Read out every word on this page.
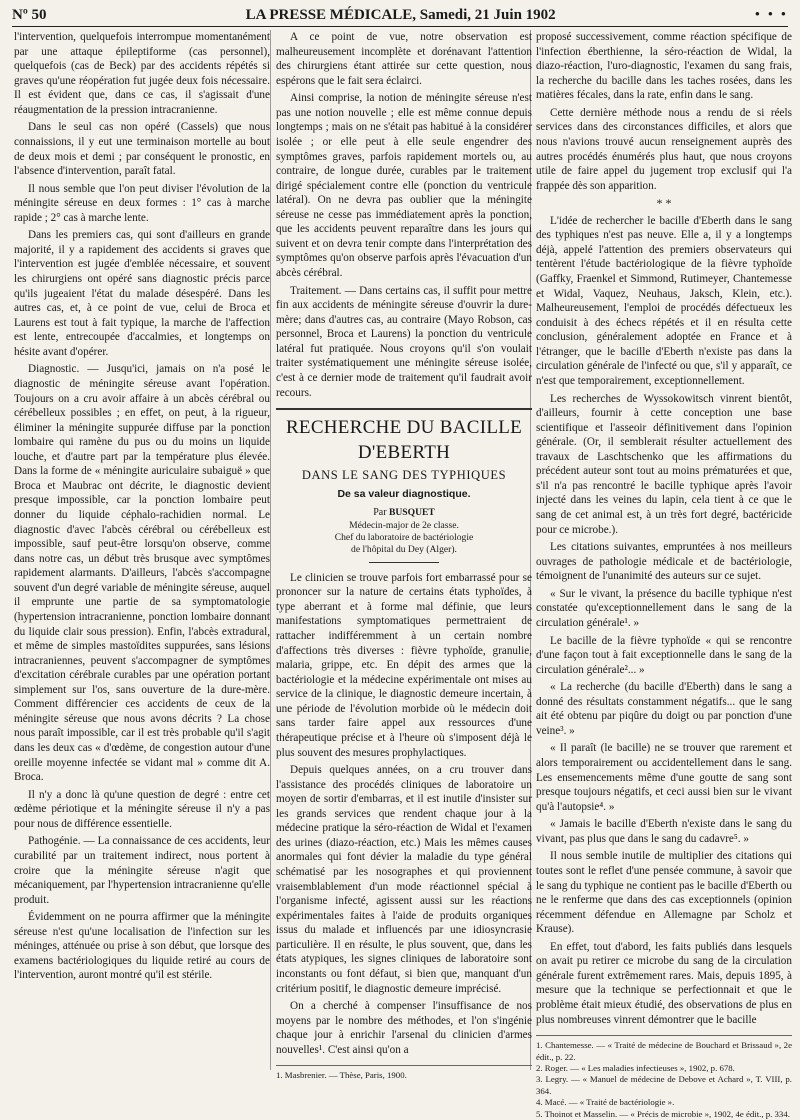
Nº 50	LA PRESSE MÉDICALE, Samedi, 21 Juin 1902	• • •

l'intervention, quelquefois interrompue momentanément par une attaque épileptiforme (cas personnel), quelquefois (cas de Beck) par des accidents répétés si graves qu'une réopération fut jugée deux fois nécessaire. Il est évident que, dans ce cas, il s'agissait d'une réaugmentation de la pression intracranienne.

Dans le seul cas non opéré (Cassels) que nous connaissions, il y eut une terminaison mortelle au bout de deux mois et demi ; par conséquent le pronostic, en l'absence d'intervention, paraît fatal.

Il nous semble que l'on peut diviser l'évolution de la méningite séreuse en deux formes : 1° cas à marche rapide ; 2° cas à marche lente.

Dans les premiers cas, qui sont d'ailleurs en grande majorité, il y a rapidement des accidents si graves que l'intervention est jugée d'emblée nécessaire, et souvent les chirurgiens ont opéré sans diagnostic précis parce qu'ils jugeaient l'état du malade désespéré. Dans les autres cas, et, à ce point de vue, celui de Broca et Laurens est tout à fait typique, la marche de l'affection est lente, entrecoupée d'accalmies, et longtemps on hésite avant d'opérer.

Diagnostic. — Jusqu'ici, jamais on n'a posé le diagnostic de méningite séreuse avant l'opération. Toujours on a cru avoir affaire à un abcès cérébral ou cérébelleux possibles ; en effet, on peut, à la rigueur, éliminer la méningite suppurée diffuse par la ponction lombaire qui ramène du pus ou du moins un liquide louche, et d'autre part par la température plus élevée. Dans la forme de « méningite auriculaire subaiguë » que Broca et Maubrac ont décrite, le diagnostic devient presque impossible, car la ponction lombaire peut donner du liquide céphalo-rachidien normal. Le diagnostic d'avec l'abcès cérébral ou cérébelleux est impossible, sauf peut-être lorsqu'on observe, comme dans notre cas, un début très brusque avec symptômes rapidement alarmants. D'ailleurs, l'abcès s'accompagne souvent d'un degré variable de méningite séreuse, auquel il emprunte une partie de sa symptomatologie (hypertension intracranienne, ponction lombaire donnant du liquide clair sous pression). Enfin, l'abcès extradural, et même de simples mastoïdites suppurées, sans lésions intracraniennes, peuvent s'accompagner de symptômes d'excitation cérébrale curables par une opération portant simplement sur l'os, sans ouverture de la dure-mère. Comment différencier ces accidents de ceux de la méningite séreuse que nous avons décrits ? La chose nous paraît impossible, car il est très probable qu'il s'agit dans les deux cas « d'œdème, de congestion autour d'une oreille moyenne infectée se vidant mal » comme dit A. Broca.

Il n'y a donc là qu'une question de degré : entre cet œdème périotique et la méningite séreuse il n'y a pas pour nous de différence essentielle.

Pathogénie. — La connaissance de ces accidents, leur curabilité par un traitement indirect, nous portent à croire que la méningite séreuse n'agit que mécaniquement, par l'hypertension intracranienne qu'elle produit.

Évidemment on ne pourra affirmer que la méningite séreuse n'est qu'une localisation de l'infection sur les méninges, atténuée ou prise à son début, que lorsque des examens bactériologiques du liquide retiré au cours de l'intervention, auront montré qu'il est stérile.

A ce point de vue, notre observation est malheureusement incomplète et dorénavant l'attention des chirurgiens étant attirée sur cette question, nous espérons que le fait sera éclairci.

Ainsi comprise, la notion de méningite séreuse n'est pas une notion nouvelle ; elle est même connue depuis longtemps ; mais on ne s'était pas habitué à la considérer isolée ; or elle peut à elle seule engendrer des symptômes graves, parfois rapidement mortels ou, au contraire, de longue durée, curables par le traitement dirigé spécialement contre elle (ponction du ventricule latéral). On ne devra pas oublier que la méningite séreuse ne cesse pas immédiatement après la ponction, que les accidents peuvent reparaître dans les jours qui suivent et on devra tenir compte dans l'interprétation des symptômes qu'on observe parfois après l'évacuation d'un abcès cérébral.

Traitement. — Dans certains cas, il suffit pour mettre fin aux accidents de méningite séreuse d'ouvrir la dure-mère; dans d'autres cas, au contraire (Mayo Robson, cas personnel, Broca et Laurens) la ponction du ventricule latéral fut pratiquée. Nous croyons qu'il s'on voulait traiter systématiquement une méningite séreuse isolée, c'est à ce dernier mode de traitement qu'il faudrait avoir recours.

RECHERCHE DU BACILLE D'EBERTH
DANS LE SANG DES TYPHIQUES
De sa valeur diagnostique.
Par BUSQUET
Médecin-major de 2e classe.
Chef du laboratoire de bactériologie
de l'hôpital du Dey (Alger).

Le clinicien se trouve parfois fort embarrassé pour se prononcer sur la nature de certains états typhoïdes, à type aberrant et à forme mal définie, que leurs manifestations symptomatiques permettraient de rattacher indifféremment à un certain nombre d'affections très diverses : fièvre typhoïde, granulie, malaria, grippe, etc. En dépit des armes que la bactériologie et la médecine expérimentale ont mises au service de la clinique, le diagnostic demeure incertain, à une période de l'évolution morbide où le médecin doit sans tarder faire appel aux ressources d'une thérapeutique précise et à l'heure où s'imposent déjà le plus souvent des mesures prophylactiques.

Depuis quelques années, on a cru trouver dans l'assistance des procédés cliniques de laboratoire un moyen de sortir d'embarras, et il est inutile d'insister sur les grands services que rendent chaque jour à la médecine pratique la séro-réaction de Widal et l'examen des urines (diazo-réaction, etc.) Mais les mêmes causes anormales qui font dévier la maladie du type général schématisé par les nosographes et qui proviennent vraisemblablement d'un mode réactionnel spécial à l'organisme infecté, agissent aussi sur les réactions expérimentales faites à l'aide de produits organiques issus du malade et influencés par une idiosyncrasie particulière. Il en résulte, le plus souvent, que, dans les états atypiques, les signes cliniques de laboratoire sont inconstants ou font défaut, si bien que, manquant d'un critérium positif, le diagnostic demeure imprécisé.

On a cherché à compenser l'insuffisance de nos moyens par le nombre des méthodes, et l'on s'ingénie chaque jour à enrichir l'arsenal du clinicien d'armes nouvelles¹. C'est ainsi qu'on a

1. Masbrenier. — Thèse, Paris, 1900.

proposé successivement, comme réaction spécifique de l'infection éberthienne, la séro-réaction de Widal, la diazo-réaction, l'uro-diagnostic, l'examen du sang frais, la recherche du bacille dans les taches rosées, dans les matières fécales, dans la rate, enfin dans le sang.

Cette dernière méthode nous a rendu de si réels services dans des circonstances difficiles, et alors que nous n'avions trouvé aucun renseignement auprès des autres procédés énumérés plus haut, que nous croyons utile de faire appel du jugement trop exclusif qui l'a frappée dès son apparition.

* *

L'idée de rechercher le bacille d'Eberth dans le sang des typhiques n'est pas neuve. Elle a, il y a longtemps déjà, appelé l'attention des premiers observateurs qui tentèrent l'étude bactériologique de la fièvre typhoïde (Gaffky, Fraenkel et Simmond, Rutimeyer, Chantemesse et Widal, Vaquez, Neuhaus, Jaksch, Klein, etc.). Malheureusement, l'emploi de procédés défectueux les conduisit à des échecs répétés et il en résulta cette conclusion, généralement adoptée en France et à l'étranger, que le bacille d'Eberth n'existe pas dans la circulation générale de l'infecté ou que, s'il y apparaît, ce n'est que temporairement, exceptionnellement.

Les recherches de Wyssokowitsch vinrent bientôt, d'ailleurs, fournir à cette conception une base scientifique et l'asseoir définitivement dans l'opinion générale. (Or, il semblerait résulter actuellement des travaux de Laschtschenko que les affirmations du précédent auteur sont tout au moins prématurées et que, s'il n'a pas rencontré le bacille typhique après l'avoir injecté dans les veines du lapin, cela tient à ce que le sang de cet animal est, à un très fort degré, bactéricide pour ce microbe.).

Les citations suivantes, empruntées à nos meilleurs ouvrages de pathologie médicale et de bactériologie, témoignent de l'unanimité des auteurs sur ce sujet.

« Sur le vivant, la présence du bacille typhique n'est constatée qu'exceptionnellement dans le sang de la circulation générale¹. »

Le bacille de la fièvre typhoïde « qui se rencontre d'une façon tout à fait exceptionnelle dans le sang de la circulation générale²... »

« La recherche (du bacille d'Eberth) dans le sang a donné des résultats constamment négatifs... que le sang ait été obtenu par piqûre du doigt ou par ponction d'une veine³. »

« Il paraît (le bacille) ne se trouver que rarement et alors temporairement ou accidentellement dans le sang. Les ensemencements même d'une goutte de sang sont presque toujours négatifs, et ceci aussi bien sur le vivant qu'à l'autopsie⁴. »

« Jamais le bacille d'Eberth n'existe dans le sang du vivant, pas plus que dans le sang du cadavre⁵. »

Il nous semble inutile de multiplier des citations qui toutes sont le reflet d'une pensée commune, à savoir que le sang du typhique ne contient pas le bacille d'Eberth ou ne le renferme que dans des cas exceptionnels (opinion récemment défendue en Allemagne par Scholz et Krause).

En effet, tout d'abord, les faits publiés dans lesquels on avait pu retirer ce microbe du sang de la circulation générale furent extrêmement rares. Mais, depuis 1895, à mesure que la technique se perfectionnait et que le problème était mieux étudié, des observations de plus en plus nombreuses vinrent démontrer que le bacille

1. Chantemesse. — « Traité de médecine de Bouchard et Brissaud », 2e édit., p. 22.
2. Roger. — « Les maladies infectieuses », 1902, p. 678.
3. Legry. — « Manuel de médecine de Debove et Achard », T. VIII, p. 364.
4. Macé. — « Traité de bactériologie ».
5. Thoinot et Masselin. — « Précis de microbie », 1902, 4e édit., p. 334.
